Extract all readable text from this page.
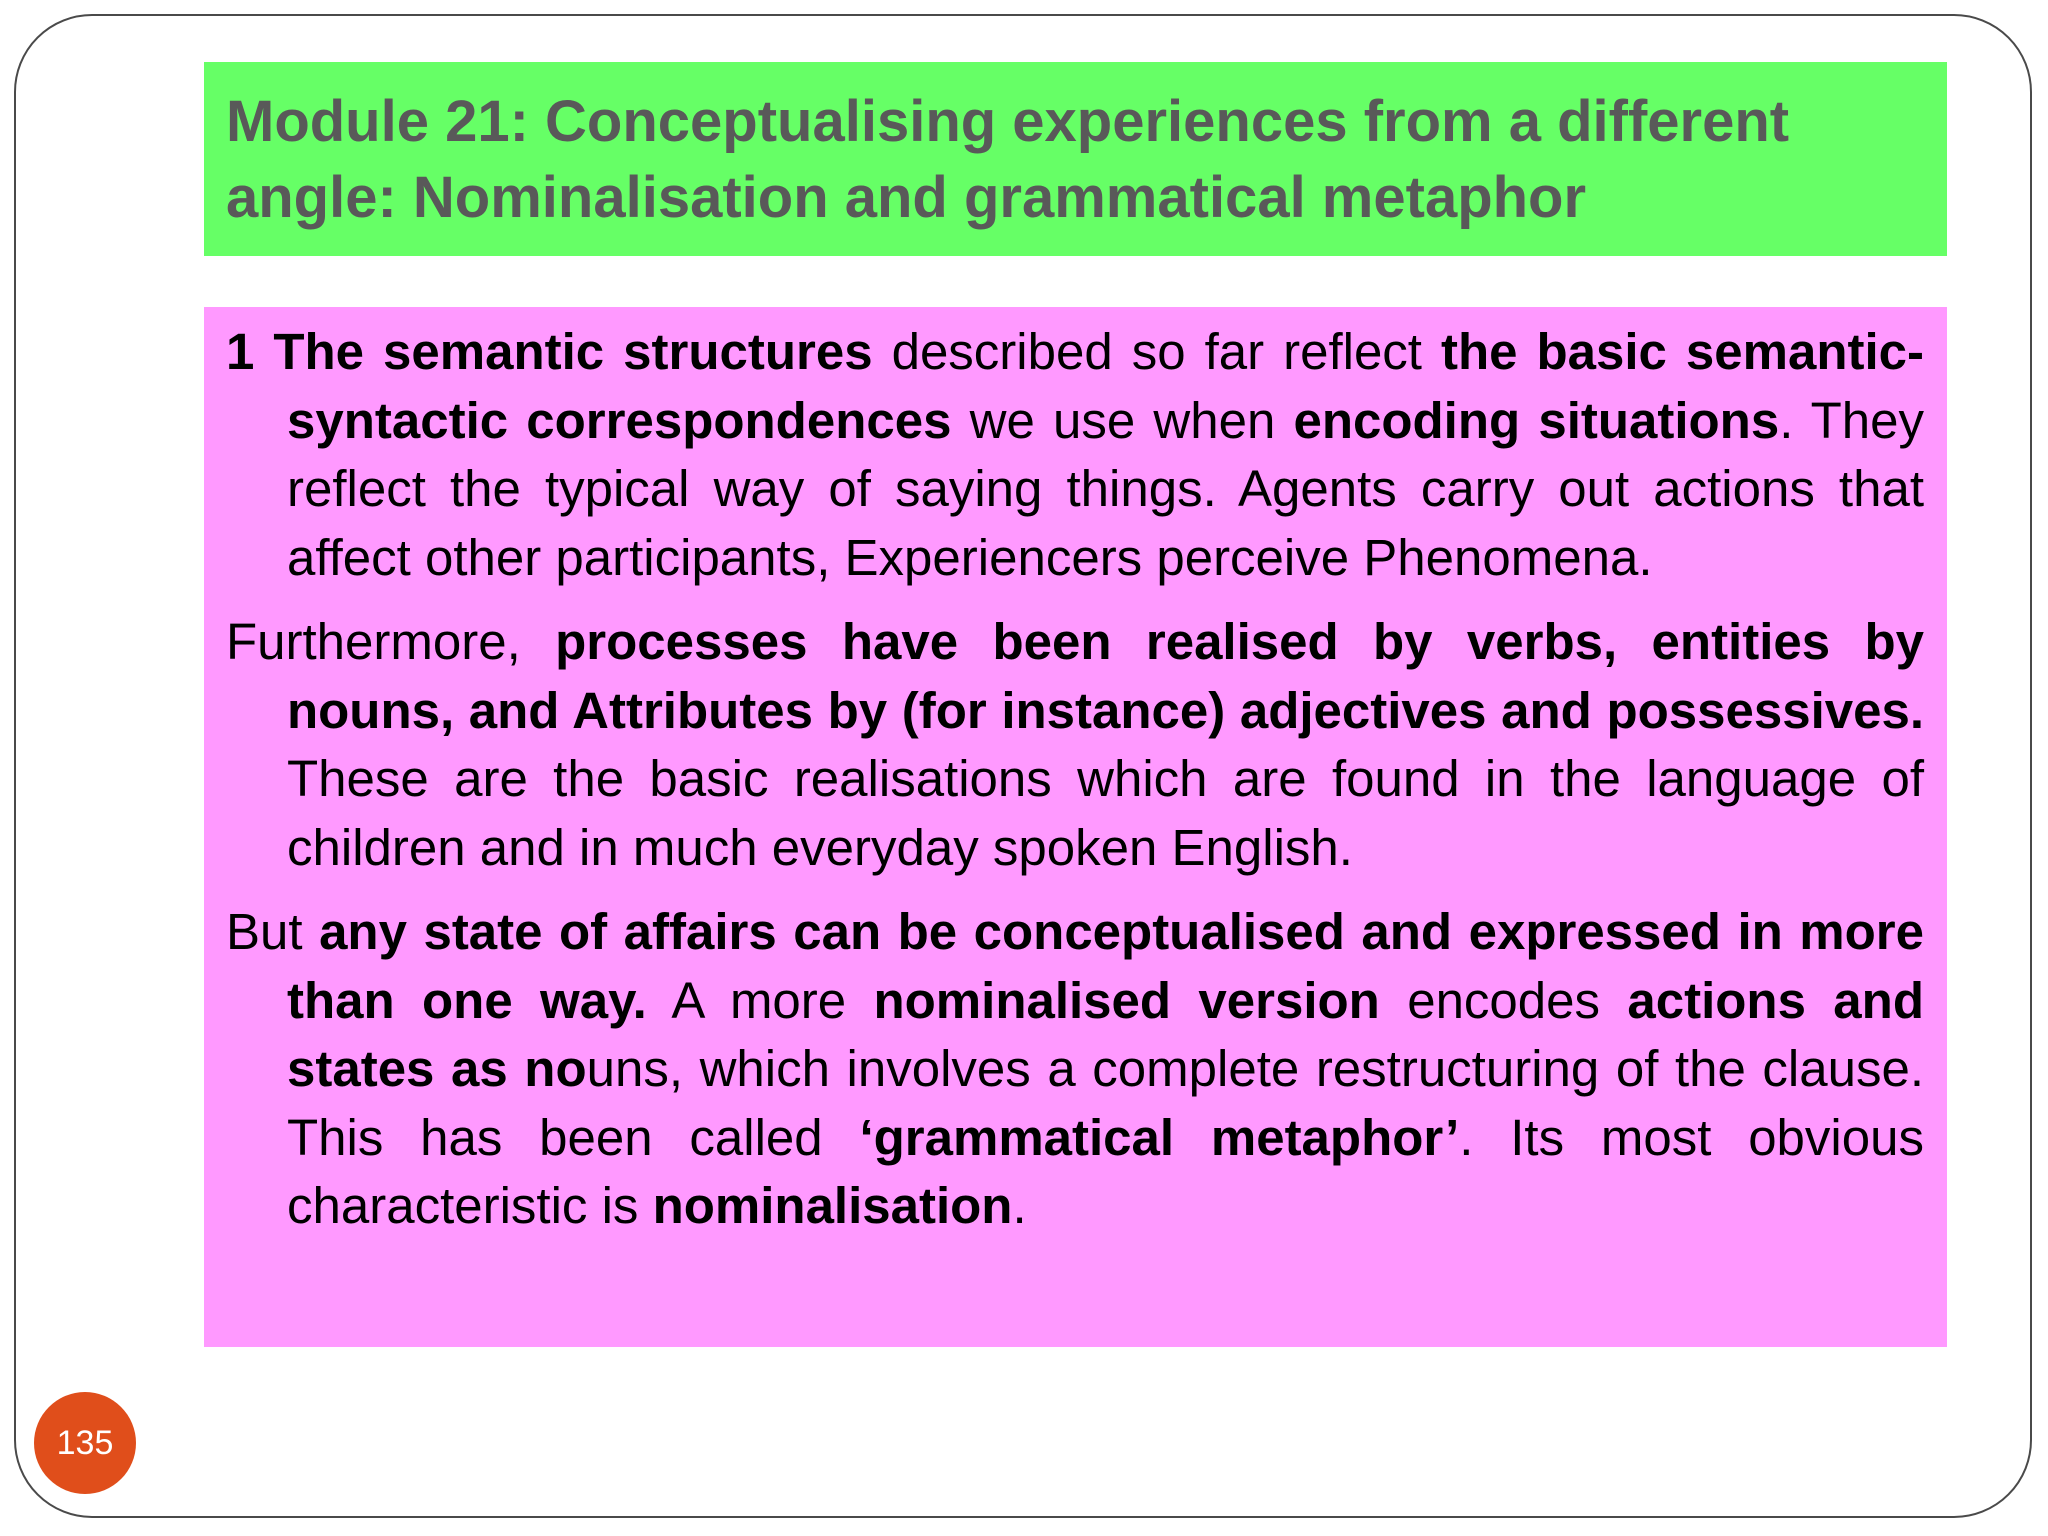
Module 21: Conceptualising experiences from a different
angle: Nominalisation and grammatical metaphor

1 The semantic structures described so far reflect the basic semantic-syntactic correspondences we use when encoding situations. They reflect the typical way of saying things. Agents carry out actions that affect other participants, Experiencers perceive Phenomena.

Furthermore, processes have been realised by verbs, entities by nouns, and Attributes by (for instance) adjectives and possessives. These are the basic realisations which are found in the language of children and in much everyday spoken English.

But any state of affairs can be conceptualised and expressed in more than one way. A more nominalised version encodes actions and states as nouns, which involves a complete restructuring of the clause. This has been called ‘grammatical metaphor’. Its most obvious characteristic is nominalisation.

135
